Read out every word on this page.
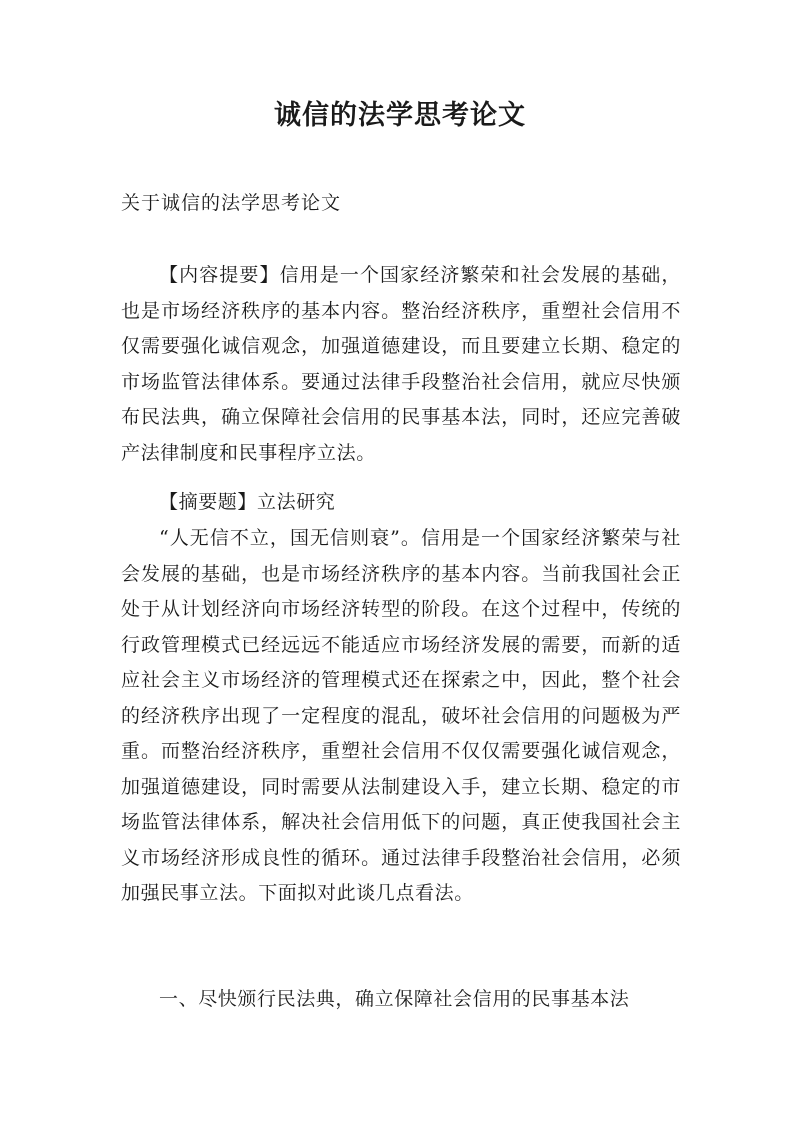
诚信的法学思考论文

关于诚信的法学思考论文

【内容提要】信用是一个国家经济繁荣和社会发展的基础，也是市场经济秩序的基本内容。整治经济秩序，重塑社会信用不仅需要强化诚信观念，加强道德建设，而且要建立长期、稳定的市场监管法律体系。要通过法律手段整治社会信用，就应尽快颁布民法典，确立保障社会信用的民事基本法，同时，还应完善破产法律制度和民事程序立法。

【摘要题】立法研究

“人无信不立，国无信则衰”。信用是一个国家经济繁荣与社会发展的基础，也是市场经济秩序的基本内容。当前我国社会正处于从计划经济向市场经济转型的阶段。在这个过程中，传统的行政管理模式已经远远不能适应市场经济发展的需要，而新的适应社会主义市场经济的管理模式还在探索之中，因此，整个社会的经济秩序出现了一定程度的混乱，破坏社会信用的问题极为严重。而整治经济秩序，重塑社会信用不仅仅需要强化诚信观念，加强道德建设，同时需要从法制建设入手，建立长期、稳定的市场监管法律体系，解决社会信用低下的问题，真正使我国社会主义市场经济形成良性的循环。通过法律手段整治社会信用，必须加强民事立法。下面拟对此谈几点看法。

一、尽快颁行民法典，确立保障社会信用的民事基本法
